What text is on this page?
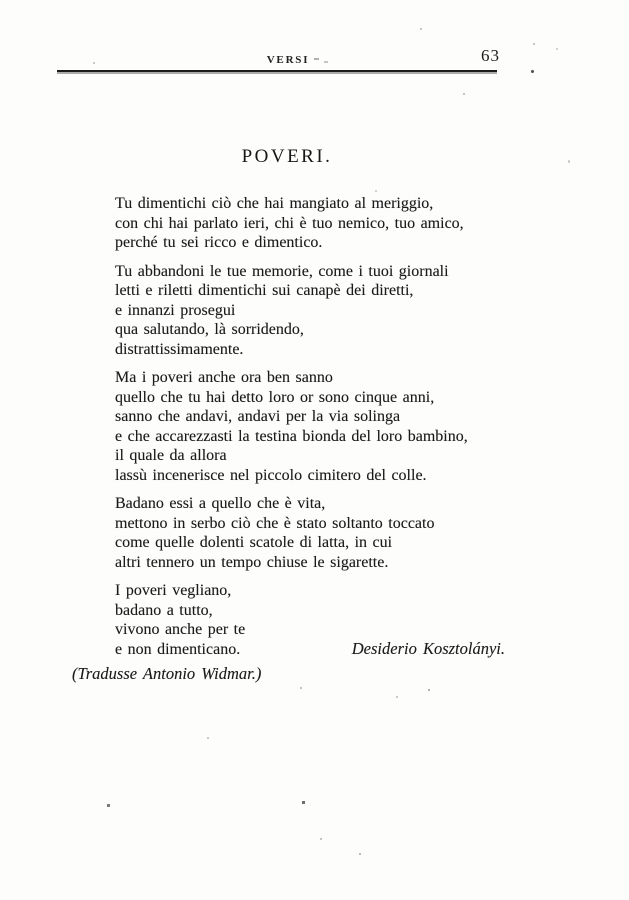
VERSI	63
POVERI.
Tu dimentichi ciò che hai mangiato al meriggio,
con chi hai parlato ieri, chi è tuo nemico, tuo amico,
perché tu sei ricco e dimentico.
Tu abbandoni le tue memorie, come i tuoi giornali
letti e riletti dimentichi sui canapè dei diretti,
e innanzi prosegui
qua salutando, là sorridendo,
distrattissimamente.
Ma i poveri anche ora ben sanno
quello che tu hai detto loro or sono cinque anni,
sanno che andavi, andavi per la via solinga
e che accarezzasti la testina bionda del loro bambino,
il quale da allora
lassù incenerisce nel piccolo cimitero del colle.
Badano essi a quello che è vita,
mettono in serbo ciò che è stato soltanto toccato
come quelle dolenti scatole di latta, in cui
altri tennero un tempo chiuse le sigarette.
I poveri vegliano,
badano a tutto,
vivono anche per te
e non dimenticano.	Desiderio Kosztolányi.
(Tradusse Antonio Widmar.)
